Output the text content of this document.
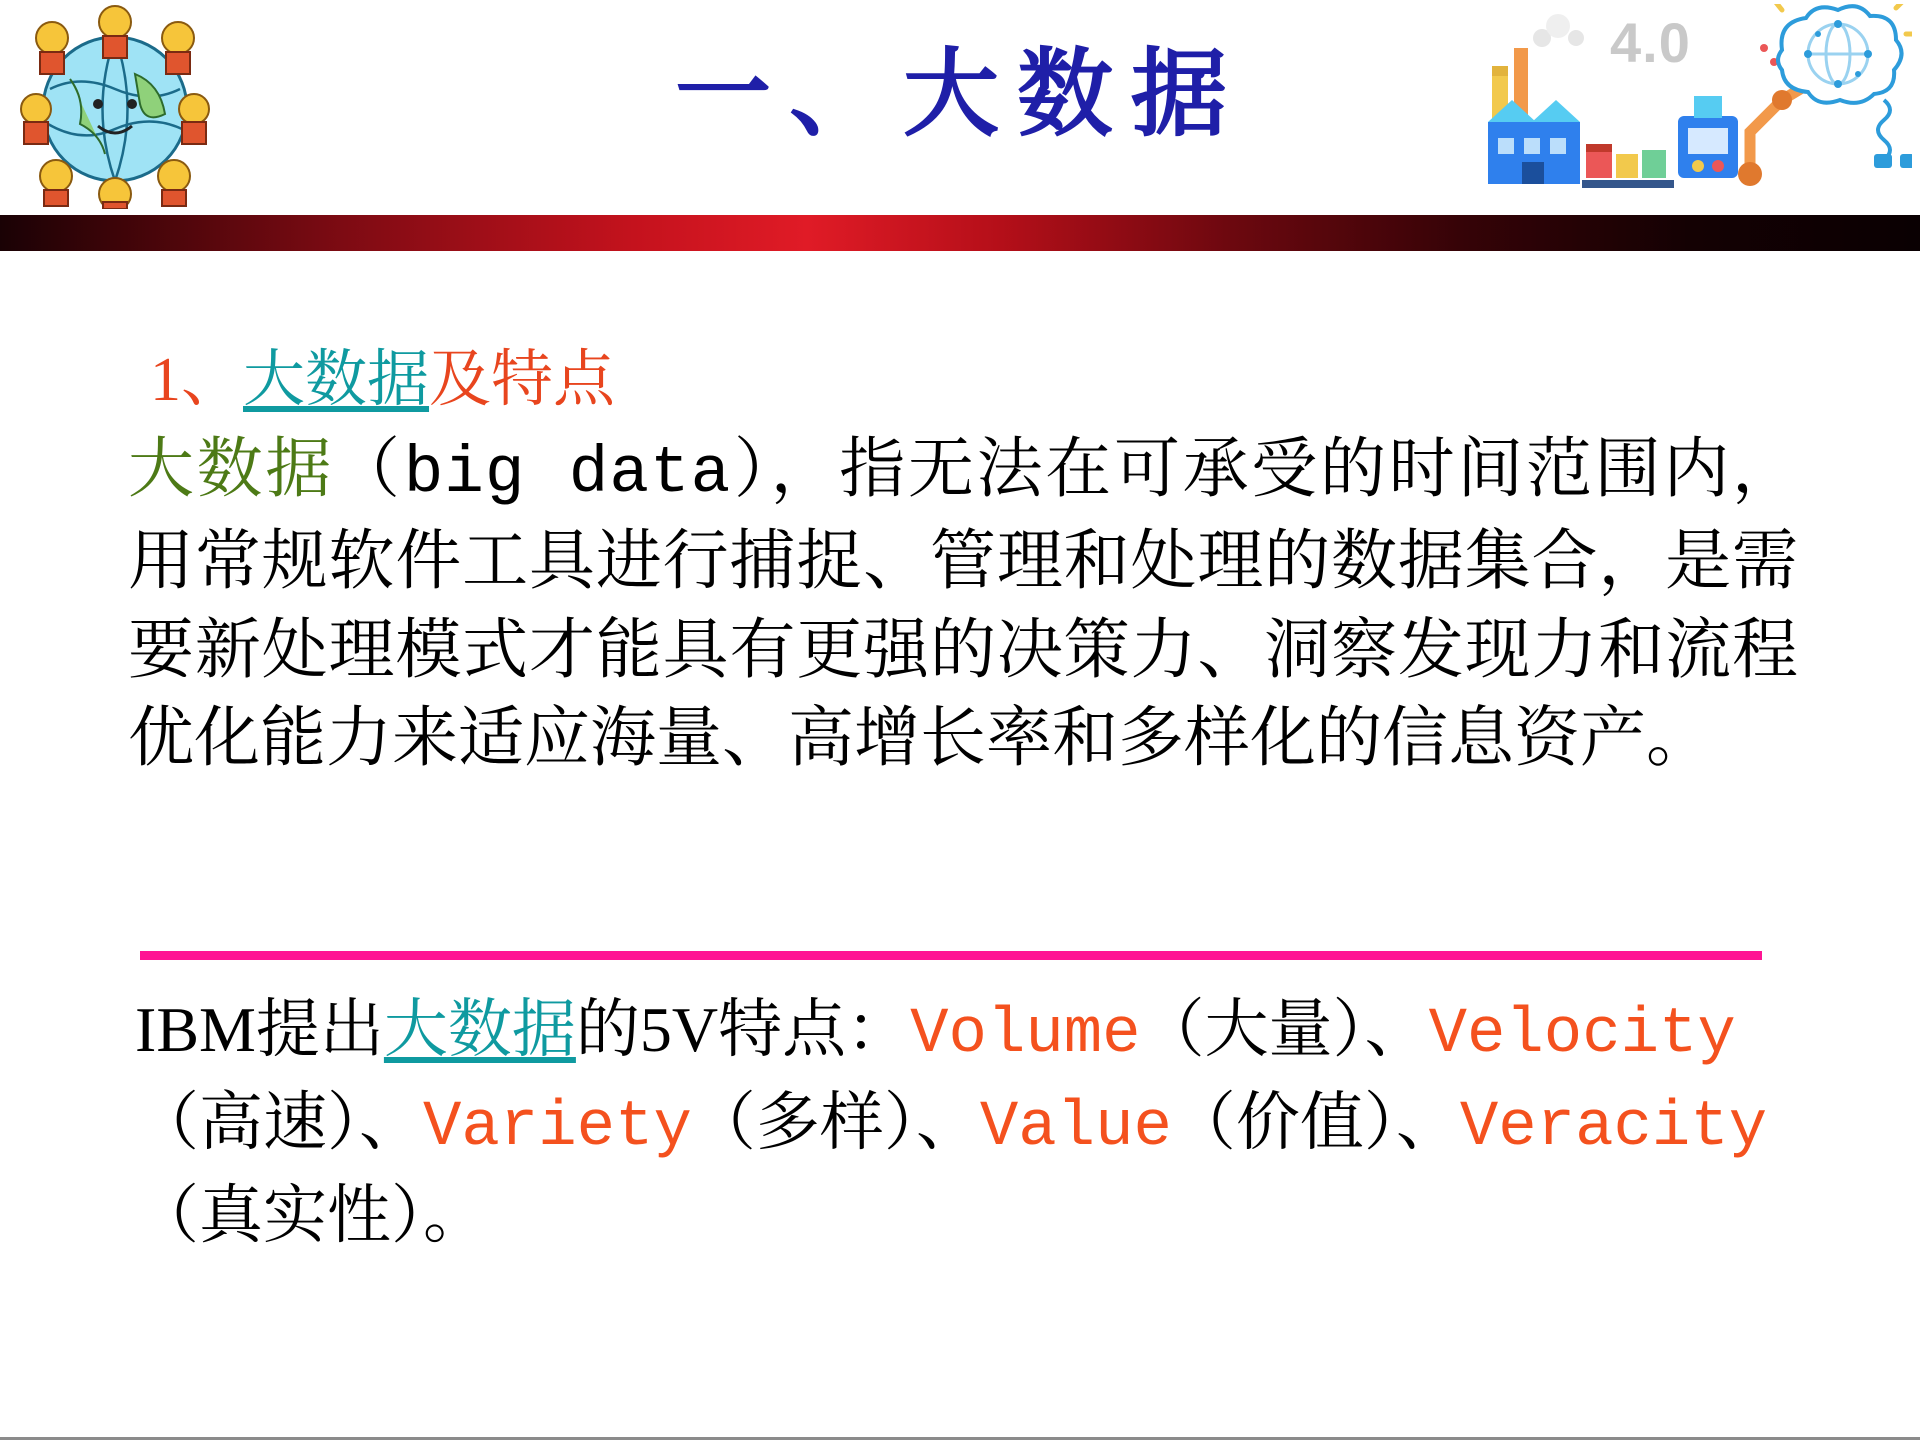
一、大数据	4.0
1、大数据及特点
大数据（big data），指无法在可承受的时间范围内，用常规软件工具进行捕捉、管理和处理的数据集合，是需要新处理模式才能具有更强的决策力、洞察发现力和流程优化能力来适应海量、高增长率和多样化的信息资产。
IBM提出大数据的5V特点：Volume（大量）、Velocity（高速）、Variety（多样）、Value（价值）、Veracity（真实性）。
